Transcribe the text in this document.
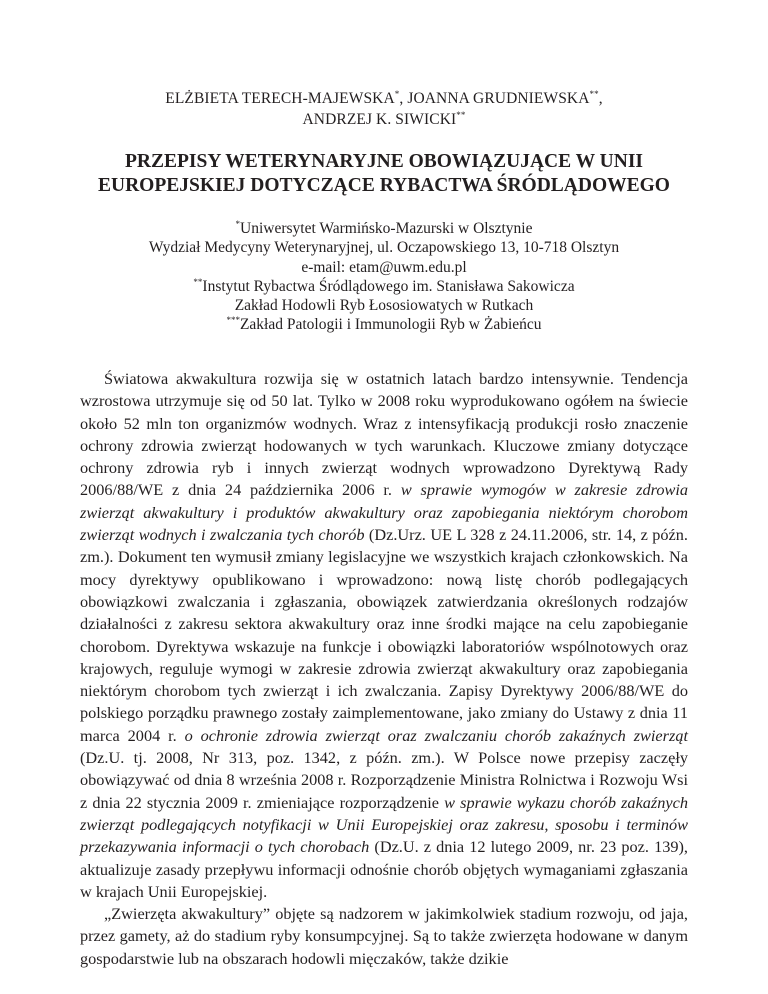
ELŻBIETA TERECH-MAJEWSKA*, JOANNA GRUDNIEWSKA**,
ANDRZEJ K. SIWICKI**
PRZEPISY WETERYNARYJNE OBOWIĄZUJĄCE W UNII
EUROPEJSKIEJ DOTYCZĄCE RYBACTWA ŚRÓDLĄDOWEGO
*Uniwersytet Warmińsko-Mazurski w Olsztynie
Wydział Medycyny Weterynaryjnej, ul. Oczapowskiego 13, 10-718 Olsztyn
e-mail: etam@uwm.edu.pl
**Instytut Rybactwa Śródlądowego im. Stanisława Sakowicza
Zakład Hodowli Ryb Łososiowatych w Rutkach
***Zakład Patologii i Immunologii Ryb w Żabieńcu

Światowa akwakultura rozwija się w ostatnich latach bardzo intensywnie. Tendencja wzrostowa utrzymuje się od 50 lat. Tylko w 2008 roku wyprodukowano ogółem na świecie około 52 mln ton organizmów wodnych. Wraz z intensyfikacją produkcji rosło znaczenie ochrony zdrowia zwierząt hodowanych w tych warunkach. Kluczowe zmiany dotyczące ochrony zdrowia ryb i innych zwierząt wodnych wprowadzono Dyrektywą Rady 2006/88/WE z dnia 24 października 2006 r. w sprawie wymogów w zakresie zdrowia zwierząt akwakultury i produktów akwakultury oraz zapobiegania niektórym chorobom zwierząt wodnych i zwalczania tych chorób (Dz.Urz. UE L 328 z 24.11.2006, str. 14, z późn. zm.). Dokument ten wymusił zmiany legislacyjne we wszystkich krajach członkowskich. Na mocy dyrektywy opublikowano i wprowadzono: nową listę chorób podlegających obowiązkowi zwalczania i zgłaszania, obowiązek zatwierdzania określonych rodzajów działalności z zakresu sektora akwakultury oraz inne środki mające na celu zapobieganie chorobom. Dyrektywa wskazuje na funkcje i obowiązki laboratoriów wspólnotowych oraz krajowych, reguluje wymogi w zakresie zdrowia zwierząt akwakultury oraz zapobiegania niektórym chorobom tych zwierząt i ich zwalczania. Zapisy Dyrektywy 2006/88/WE do polskiego porządku prawnego zostały zaimplementowane, jako zmiany do Ustawy z dnia 11 marca 2004 r. o ochronie zdrowia zwierząt oraz zwalczaniu chorób zakaźnych zwierząt (Dz.U. tj. 2008, Nr 313, poz. 1342, z późn. zm.). W Polsce nowe przepisy zaczęły obowiązywać od dnia 8 września 2008 r. Rozporządzenie Ministra Rolnictwa i Rozwoju Wsi z dnia 22 stycznia 2009 r. zmieniające rozporządzenie w sprawie wykazu chorób zakaźnych zwierząt podlegających notyfikacji w Unii Europejskiej oraz zakresu, sposobu i terminów przekazywania informacji o tych chorobach (Dz.U. z dnia 12 lutego 2009, nr. 23 poz. 139), aktualizuje zasady przepływu informacji odnośnie chorób objętych wymaganiami zgłaszania w krajach Unii Europejskiej.

„Zwierzęta akwakultury” objęte są nadzorem w jakimkolwiek stadium rozwoju, od jaja, przez gamety, aż do stadium ryby konsumpcyjnej. Są to także zwierzęta hodowane w danym gospodarstwie lub na obszarach hodowli mięczaków, także dzikie
